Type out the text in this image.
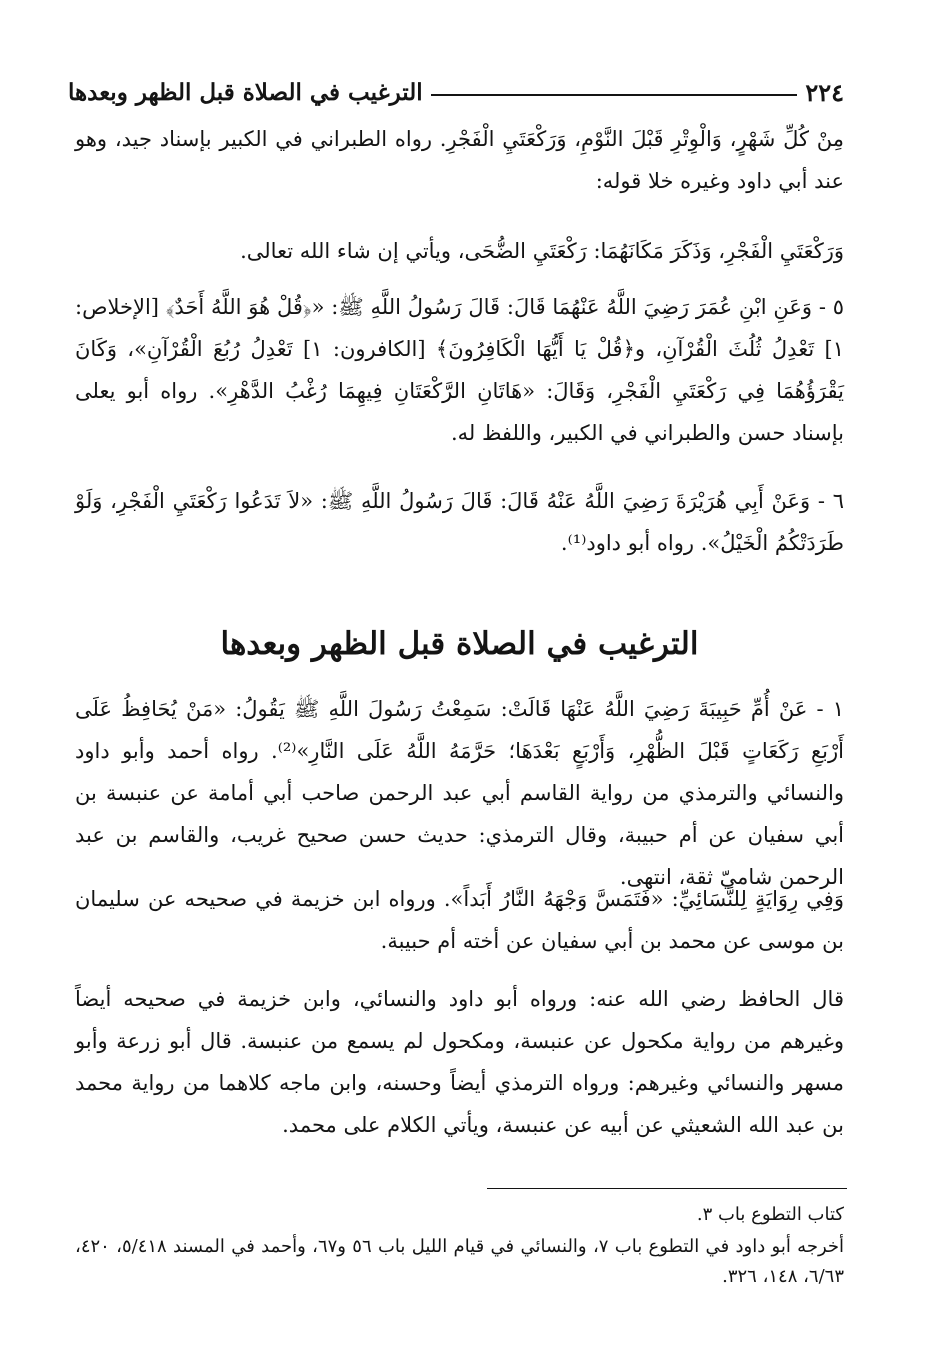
٢٢٤
الترغيب في الصلاة قبل الظهر وبعدها

مِنْ كُلِّ شَهْرٍ، وَالْوِتْرِ قَبْلَ النَّوْمِ، وَرَكْعَتَيِ الْفَجْرِ. رواه الطبراني في الكبير بإسناد جيد، وهو عند أبي داود وغيره خلا قوله:

وَرَكْعَتَيِ الْفَجْرِ، وَذَكَرَ مَكَانَهُمَا: رَكْعَتَيِ الضُّحَى، ويأتي إن شاء الله تعالى.

٥ - وَعَنِ ابْنِ عُمَرَ رَضِيَ اللَّهُ عَنْهُمَا قَالَ: قَالَ رَسُولُ اللَّهِ ﷺ: «﴿قُلْ هُوَ اللَّهُ أَحَدٌ﴾ [الإخلاص: ١] تَعْدِلُ ثُلُثَ الْقُرْآنِ، و﴿قُلْ يَا أَيُّهَا الْكَافِرُونَ﴾ [الكافرون: ١] تَعْدِلُ رُبُعَ الْقُرْآنِ»، وَكَانَ يَقْرَؤُهُمَا فِي رَكْعَتَيِ الْفَجْرِ، وَقَالَ: «هَاتَانِ الرَّكْعَتَانِ فِيهِمَا رُغْبُ الدَّهْرِ». رواه أبو يعلى بإسناد حسن والطبراني في الكبير، واللفظ له.

٦ - وَعَنْ أَبِي هُرَيْرَةَ رَضِيَ اللَّهُ عَنْهُ قَالَ: قَالَ رَسُولُ اللَّهِ ﷺ: «لاَ تَدَعُوا رَكْعَتَيِ الْفَجْرِ، وَلَوْ طَرَدَتْكُمُ الْخَيْلُ». رواه أبو داود⁽¹⁾.

الترغيب في الصلاة قبل الظهر وبعدها

١ - عَنْ أُمِّ حَبِيبَةَ رَضِيَ اللَّهُ عَنْهَا قَالَتْ: سَمِعْتُ رَسُولَ اللَّهِ ﷺ يَقُولُ: «مَنْ يُحَافِظُ عَلَى أَرْبَعِ رَكَعَاتٍ قَبْلَ الظُّهْرِ، وَأَرْبَعٍ بَعْدَهَا؛ حَرَّمَهُ اللَّهُ عَلَى النَّارِ»⁽²⁾. رواه أحمد وأبو داود والنسائي والترمذي من رواية القاسم أبي عبد الرحمن صاحب أبي أمامة عن عنبسة بن أبي سفيان عن أم حبيبة، وقال الترمذي: حديث حسن صحيح غريب، والقاسم بن عبد الرحمن شاميّ ثقة، انتهى.

وَفِي رِوَايَةٍ لِلنَّسَائِيِّ: «فَتَمَسَّ وَجْهَهُ النَّارُ أَبَداً». ورواه ابن خزيمة في صحيحه عن سليمان بن موسى عن محمد بن أبي سفيان عن أخته أم حبيبة.

قال الحافظ رضي الله عنه: ورواه أبو داود والنسائي، وابن خزيمة في صحيحه أيضاً وغيرهم من رواية مكحول عن عنبسة، ومكحول لم يسمع من عنبسة. قال أبو زرعة وأبو مسهر والنسائي وغيرهم: ورواه الترمذي أيضاً وحسنه، وابن ماجه كلاهما من رواية محمد بن عبد الله الشعيثي عن أبيه عن عنبسة، ويأتي الكلام على محمد.

كتاب التطوع باب ٣.

أخرجه أبو داود في التطوع باب ٧، والنسائي في قيام الليل باب ٥٦ و٦٧، وأحمد في المسند ٥/٤١٨، ٤٢٠، ٦/٦٣، ١٤٨، ٣٢٦.
